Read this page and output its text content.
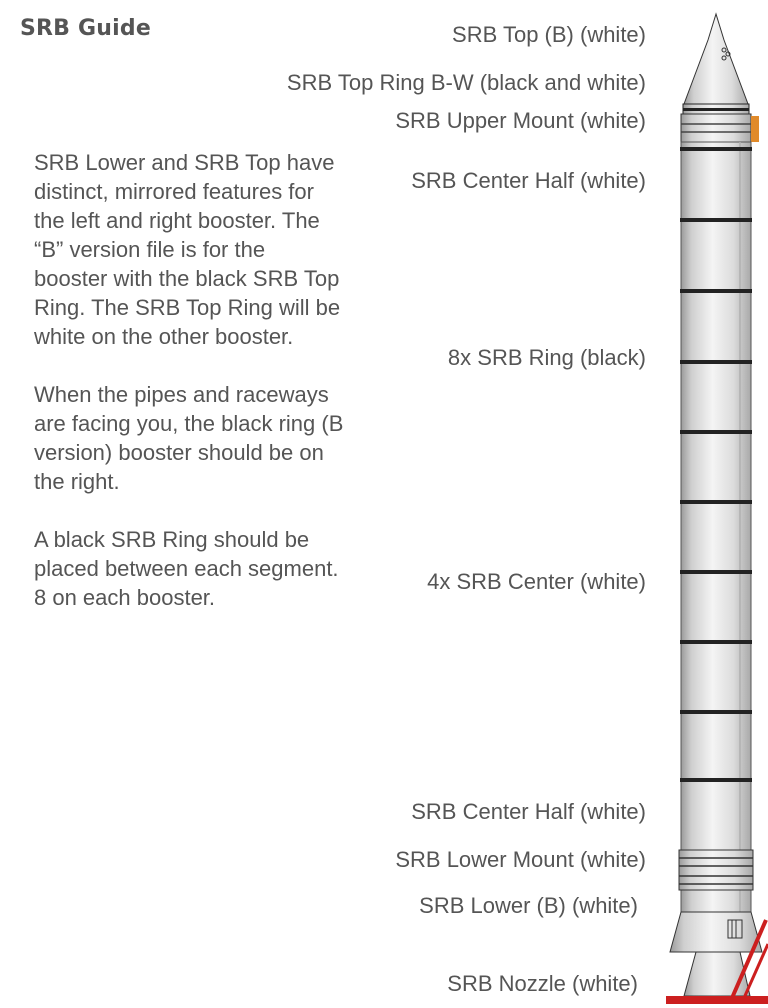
SRB Guide

SRB Lower and SRB Top have distinct, mirrored features for the left and right booster. The “B” version file is for the booster with the black SRB Top Ring. The SRB Top Ring will be white on the other booster.

When the pipes and raceways are facing you, the black ring (B version) booster should be on the right.

A black SRB Ring should be placed between each segment. 8 on each booster.

SRB Top (B) (white)
SRB Top Ring B-W (black and white)
SRB Upper Mount (white)
SRB Center Half (white)
8x SRB Ring (black)
4x SRB Center (white)
SRB Center Half (white)
SRB Lower Mount (white)
SRB Lower (B) (white)
SRB Nozzle (white)
